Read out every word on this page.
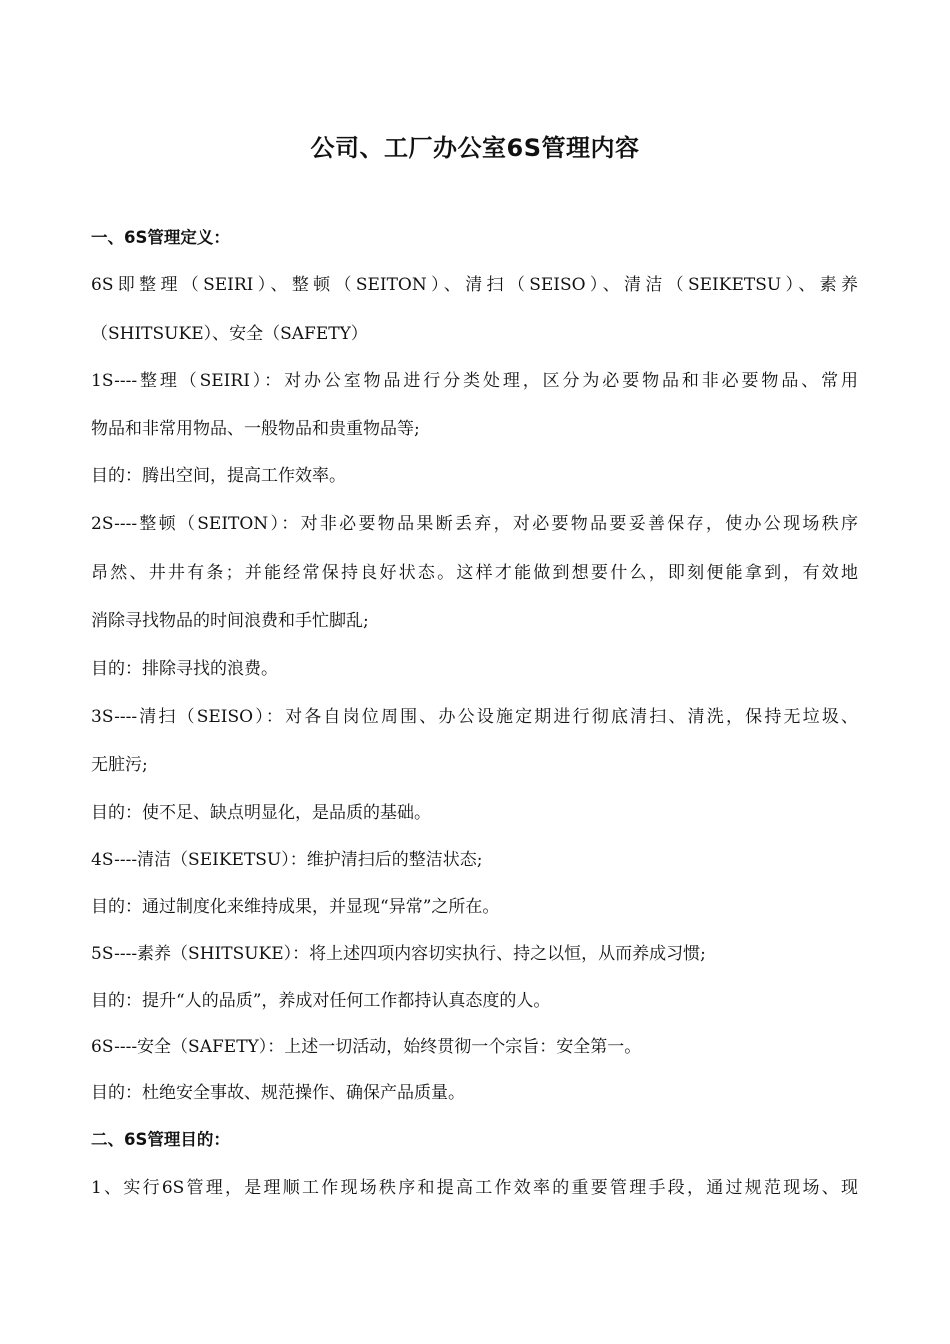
公司、工厂办公室6S管理内容
一、6S管理定义：
6S即整理（SEIRI）、整顿（SEITON）、清扫（SEISO）、清洁（SEIKETSU）、素养
（SHITSUKE）、安全（SAFETY）
1S----整理（SEIRI）：对办公室物品进行分类处理，区分为必要物品和非必要物品、常用
物品和非常用物品、一般物品和贵重物品等;
目的：腾出空间，提高工作效率。
2S----整顿（SEITON）：对非必要物品果断丢弃，对必要物品要妥善保存，使办公现场秩序
昂然、井井有条；并能经常保持良好状态。这样才能做到想要什么，即刻便能拿到，有效地
消除寻找物品的时间浪费和手忙脚乱;
目的：排除寻找的浪费。
3S----清扫（SEISO）：对各自岗位周围、办公设施定期进行彻底清扫、清洗，保持无垃圾、
无脏污;
目的：使不足、缺点明显化，是品质的基础。
4S----清洁（SEIKETSU）：维护清扫后的整洁状态;
目的：通过制度化来维持成果，并显现“异常”之所在。
5S----素养（SHITSUKE）：将上述四项内容切实执行、持之以恒，从而养成习惯;
目的：提升“人的品质”，养成对任何工作都持认真态度的人。
6S----安全（SAFETY）：上述一切活动，始终贯彻一个宗旨：安全第一。
目的：杜绝安全事故、规范操作、确保产品质量。
二、6S管理目的：
1、实行6S管理，是理顺工作现场秩序和提高工作效率的重要管理手段，通过规范现场、现
